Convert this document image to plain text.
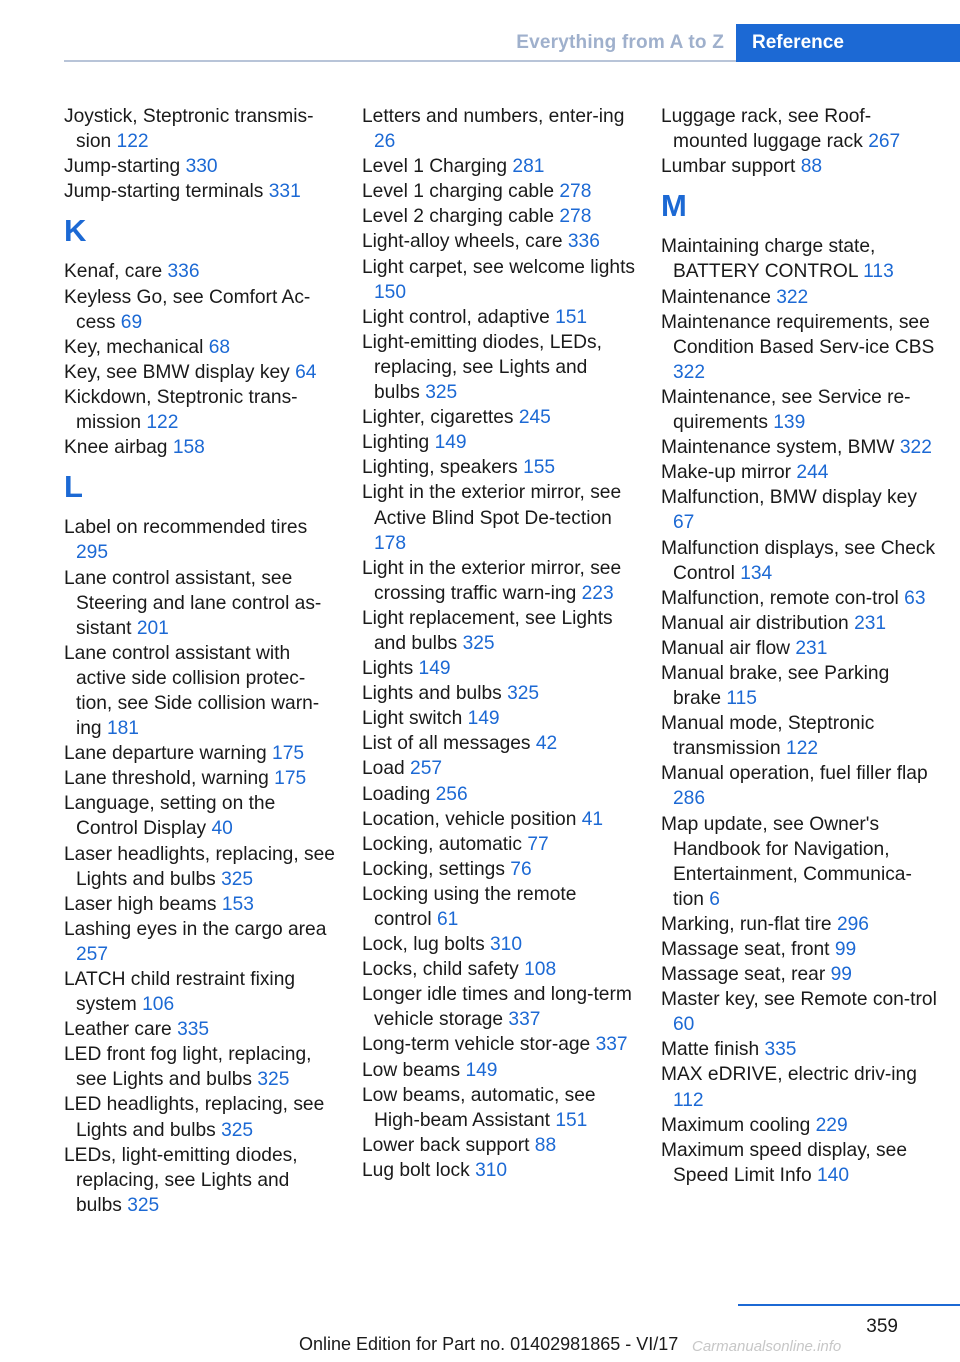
Everything from A to Z	Reference

Joystick, Steptronic transmis-sion 122

Jump-starting 330

Jump-starting terminals 331

K

Kenaf, care 336

Keyless Go, see Comfort Ac-cess 69

Key, mechanical 68

Key, see BMW display key 64

Kickdown, Steptronic trans-mission 122

Knee airbag 158

L

Label on recommended tires 295

Lane control assistant, see Steering and lane control as-sistant 201

Lane control assistant with active side collision protec-tion, see Side collision warn-ing 181

Lane departure warning 175

Lane threshold, warning 175

Language, setting on the Control Display 40

Laser headlights, replacing, see Lights and bulbs 325

Laser high beams 153

Lashing eyes in the cargo area 257

LATCH child restraint fixing system 106

Leather care 335

LED front fog light, replacing, see Lights and bulbs 325

LED headlights, replacing, see Lights and bulbs 325

LEDs, light-emitting diodes, replacing, see Lights and bulbs 325

Letters and numbers, enter-ing 26

Level 1 Charging 281

Level 1 charging cable 278

Level 2 charging cable 278

Light-alloy wheels, care 336

Light carpet, see welcome lights 150

Light control, adaptive 151

Light-emitting diodes, LEDs, replacing, see Lights and bulbs 325

Lighter, cigarettes 245

Lighting 149

Lighting, speakers 155

Light in the exterior mirror, see Active Blind Spot De-tection 178

Light in the exterior mirror, see crossing traffic warn-ing 223

Light replacement, see Lights and bulbs 325

Lights 149

Lights and bulbs 325

Light switch 149

List of all messages 42

Load 257

Loading 256

Location, vehicle position 41

Locking, automatic 77

Locking, settings 76

Locking using the remote control 61

Lock, lug bolts 310

Locks, child safety 108

Longer idle times and long-term vehicle storage 337

Long-term vehicle stor-age 337

Low beams 149

Low beams, automatic, see High-beam Assistant 151

Lower back support 88

Lug bolt lock 310

Luggage rack, see Roof-mounted luggage rack 267

Lumbar support 88

M

Maintaining charge state, BATTERY CONTROL 113

Maintenance 322

Maintenance requirements, see Condition Based Serv-ice CBS 322

Maintenance, see Service re-quirements 139

Maintenance system, BMW 322

Make-up mirror 244

Malfunction, BMW display key 67

Malfunction displays, see Check Control 134

Malfunction, remote con-trol 63

Manual air distribution 231

Manual air flow 231

Manual brake, see Parking brake 115

Manual mode, Steptronic transmission 122

Manual operation, fuel filler flap 286

Map update, see Owner's Handbook for Navigation, Entertainment, Communica-tion 6

Marking, run-flat tire 296

Massage seat, front 99

Massage seat, rear 99

Master key, see Remote con-trol 60

Matte finish 335

MAX eDRIVE, electric driv-ing 112

Maximum cooling 229

Maximum speed display, see Speed Limit Info 140

359
Online Edition for Part no. 01402981865 - VI/17 Carmanualsonline.info
